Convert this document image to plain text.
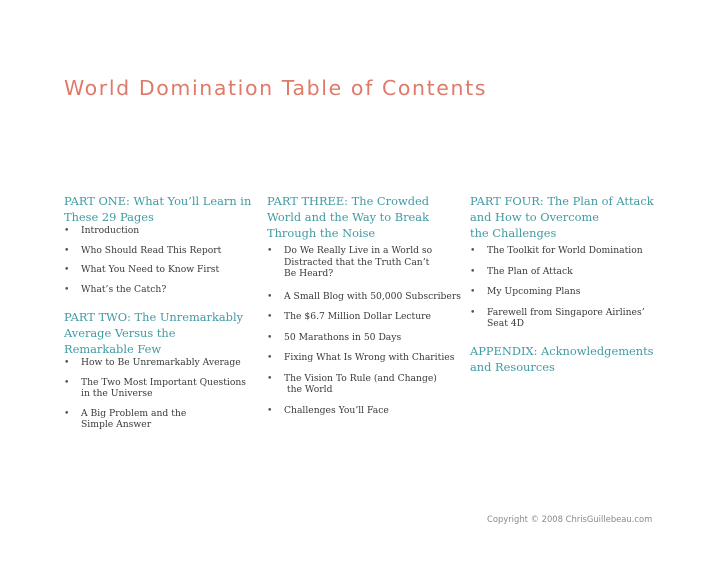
World Domination Table of Contents
PART ONE: What You’ll Learn in
These 29 Pages
• Introduction
• Who Should Read This Report
• What You Need to Know First
• What’s the Catch?
PART TWO: The Unremarkably
Average Versus the
Remarkable Few
• How to Be Unremarkably Average
• The Two Most Important Questions
in the Universe
• A Big Problem and the
Simple Answer
PART THREE: The Crowded
World and the Way to Break
Through the Noise
• Do We Really Live in a World so
Distracted that the Truth Can’t
Be Heard?
• A Small Blog with 50,000 Subscribers
• The $6.7 Million Dollar Lecture
• 50 Marathons in 50 Days
• Fixing What Is Wrong with Charities
• The Vision To Rule (and Change)
the World
• Challenges You’ll Face
PART FOUR: The Plan of Attack
and How to Overcome
the Challenges
• The Toolkit for World Domination
• The Plan of Attack
• My Upcoming Plans
• Farewell from Singapore Airlines’
Seat 4D
APPENDIX: Acknowledgements
and Resources
Copyright © 2008 ChrisGuillebeau.com
